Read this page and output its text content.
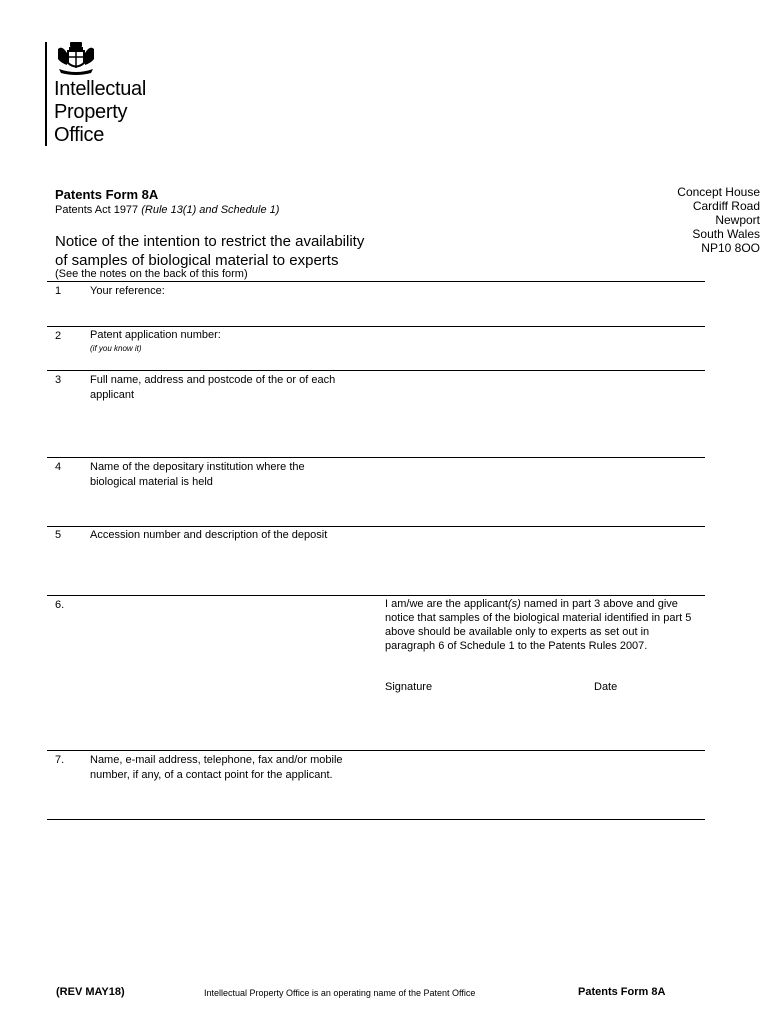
Intellectual
Property
Office
Patents Form 8A
Patents Act 1977 (Rule 13(1) and Schedule 1)
Concept House
Cardiff Road
Newport
South Wales
NP10 8OO
Notice of the intention to restrict the availability
of samples of biological material to experts
(See the notes on the back of this form)
1	Your reference:
2	Patent application number:
(if you know it)
3	Full name, address and postcode of the or of each applicant
4	Name of the depositary institution where the biological material is held
5	Accession number and description of the deposit
6.	I am/we are the applicant(s) named in part 3 above and give notice that samples of the biological material identified in part 5 above should be available only to experts as set out in paragraph 6 of Schedule 1 to the Patents Rules 2007.
Signature	Date
7. Name, e-mail address, telephone, fax and/or mobile number, if any, of a contact point for the applicant.
(REV MAY18)	Intellectual Property Office is an operating name of the Patent Office	Patents Form 8A
